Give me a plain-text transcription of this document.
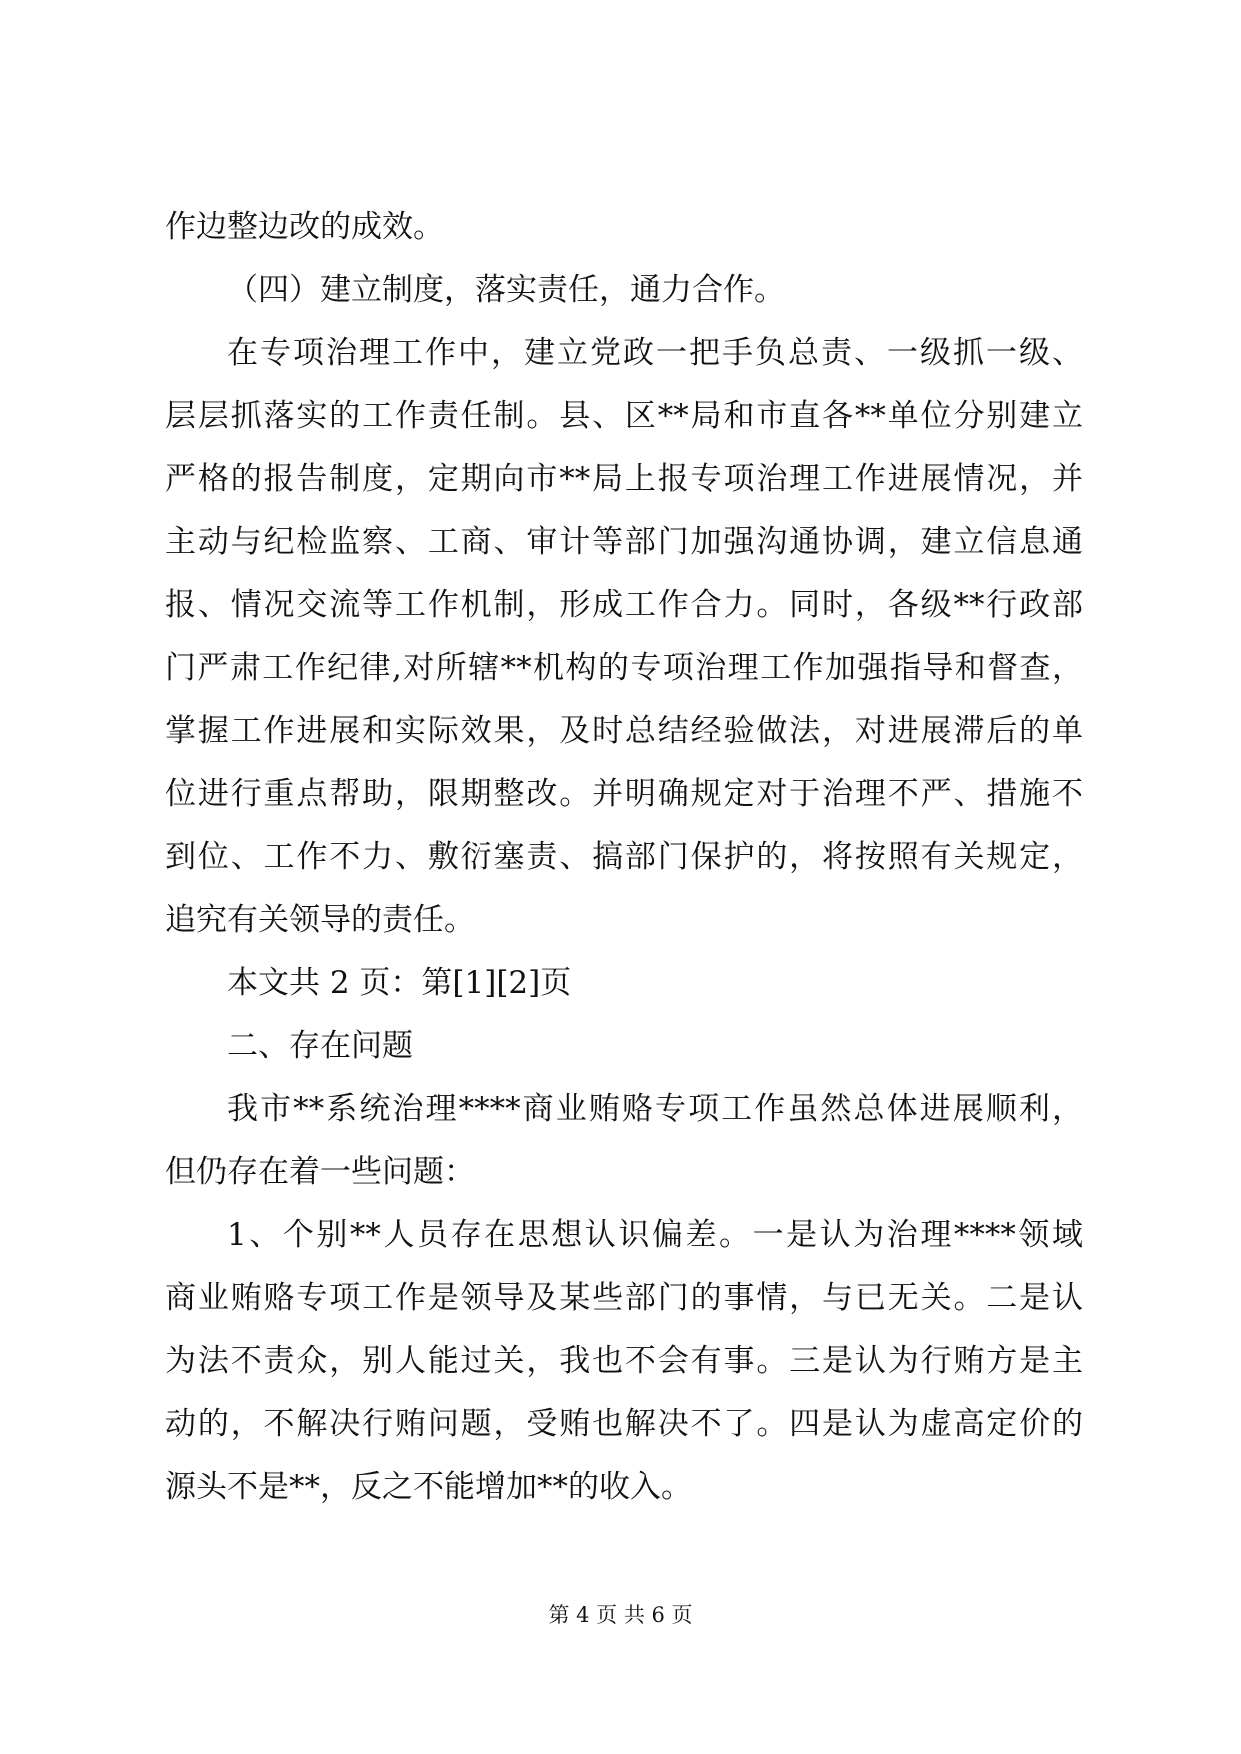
作边整边改的成效。
（四）建立制度，落实责任，通力合作。
在专项治理工作中，建立党政一把手负总责、一级抓一级、
层层抓落实的工作责任制。县、区**局和市直各**单位分别建立
严格的报告制度，定期向市**局上报专项治理工作进展情况，并
主动与纪检监察、工商、审计等部门加强沟通协调，建立信息通
报、情况交流等工作机制，形成工作合力。同时，各级**行政部
门严肃工作纪律,对所辖**机构的专项治理工作加强指导和督查，
掌握工作进展和实际效果，及时总结经验做法，对进展滞后的单
位进行重点帮助，限期整改。并明确规定对于治理不严、措施不
到位、工作不力、敷衍塞责、搞部门保护的，将按照有关规定，
追究有关领导的责任。
本文共 2 页：第[1][2]页
二、存在问题
我市**系统治理****商业贿赂专项工作虽然总体进展顺利，
但仍存在着一些问题：
1、个别**人员存在思想认识偏差。一是认为治理****领域
商业贿赂专项工作是领导及某些部门的事情，与已无关。二是认
为法不责众，别人能过关，我也不会有事。三是认为行贿方是主
动的，不解决行贿问题，受贿也解决不了。四是认为虚高定价的
源头不是**，反之不能增加**的收入。
第 4 页 共 6 页
